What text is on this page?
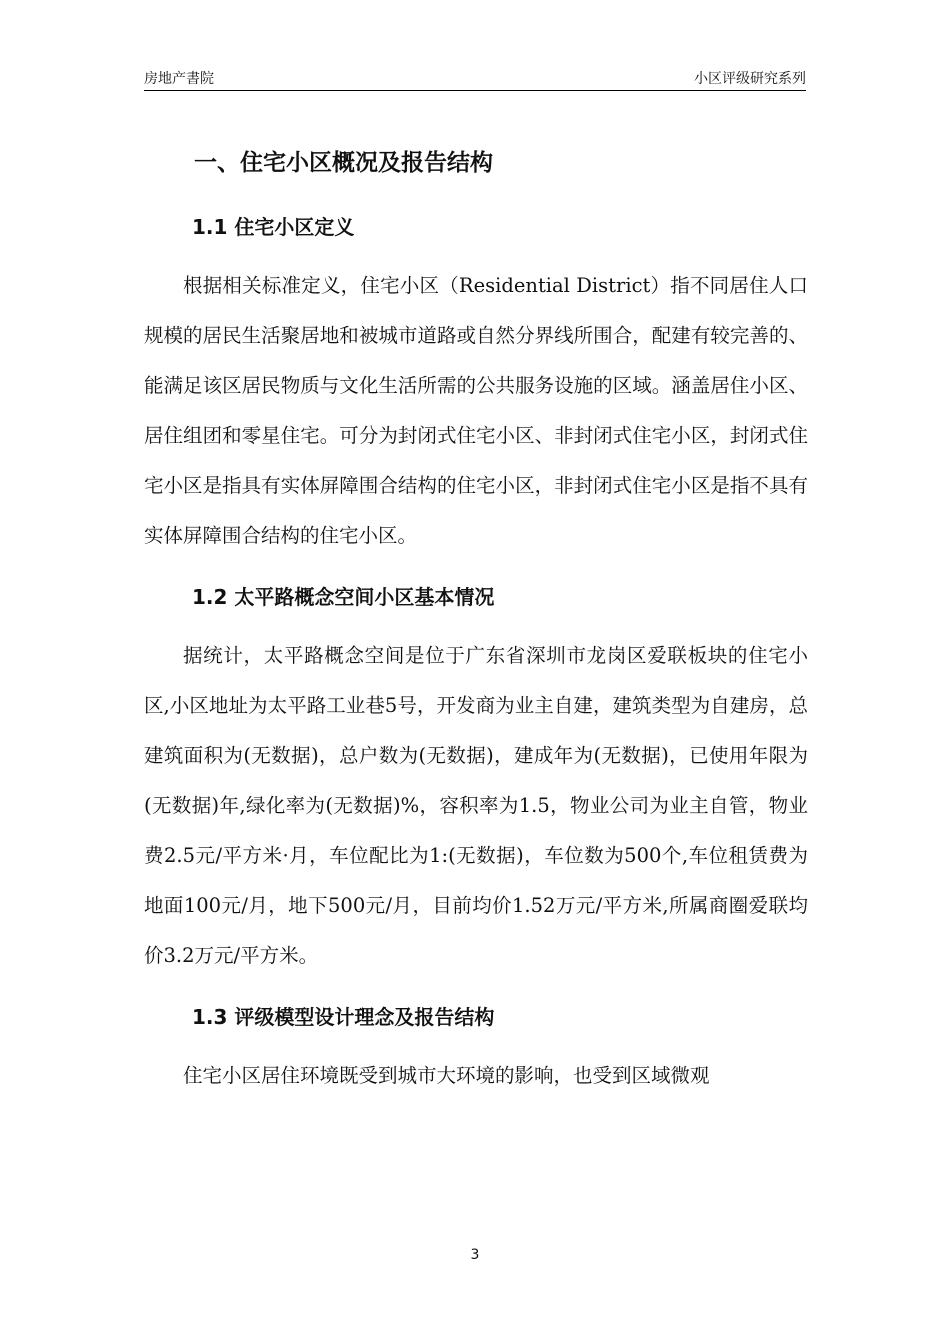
房地产書院	小区评级研究系列
一、住宅小区概况及报告结构
1.1 住宅小区定义

根据相关标准定义，住宅小区（Residential District）指不同居住人口规模的居民生活聚居地和被城市道路或自然分界线所围合，配建有较完善的、能满足该区居民物质与文化生活所需的公共服务设施的区域。涵盖居住小区、居住组团和零星住宅。可分为封闭式住宅小区、非封闭式住宅小区，封闭式住宅小区是指具有实体屏障围合结构的住宅小区，非封闭式住宅小区是指不具有实体屏障围合结构的住宅小区。

1.2 太平路概念空间小区基本情况

据统计，太平路概念空间是位于广东省深圳市龙岗区爱联板块的住宅小区,小区地址为太平路工业巷5号，开发商为业主自建，建筑类型为自建房，总建筑面积为(无数据)，总户数为(无数据)，建成年为(无数据)，已使用年限为(无数据)年,绿化率为(无数据)%，容积率为1.5，物业公司为业主自管，物业费2.5元/平方米·月，车位配比为1:(无数据)，车位数为500个,车位租赁费为地面100元/月，地下500元/月，目前均价1.52万元/平方米,所属商圈爱联均价3.2万元/平方米。

1.3 评级模型设计理念及报告结构

住宅小区居住环境既受到城市大环境的影响，也受到区域微观

3
